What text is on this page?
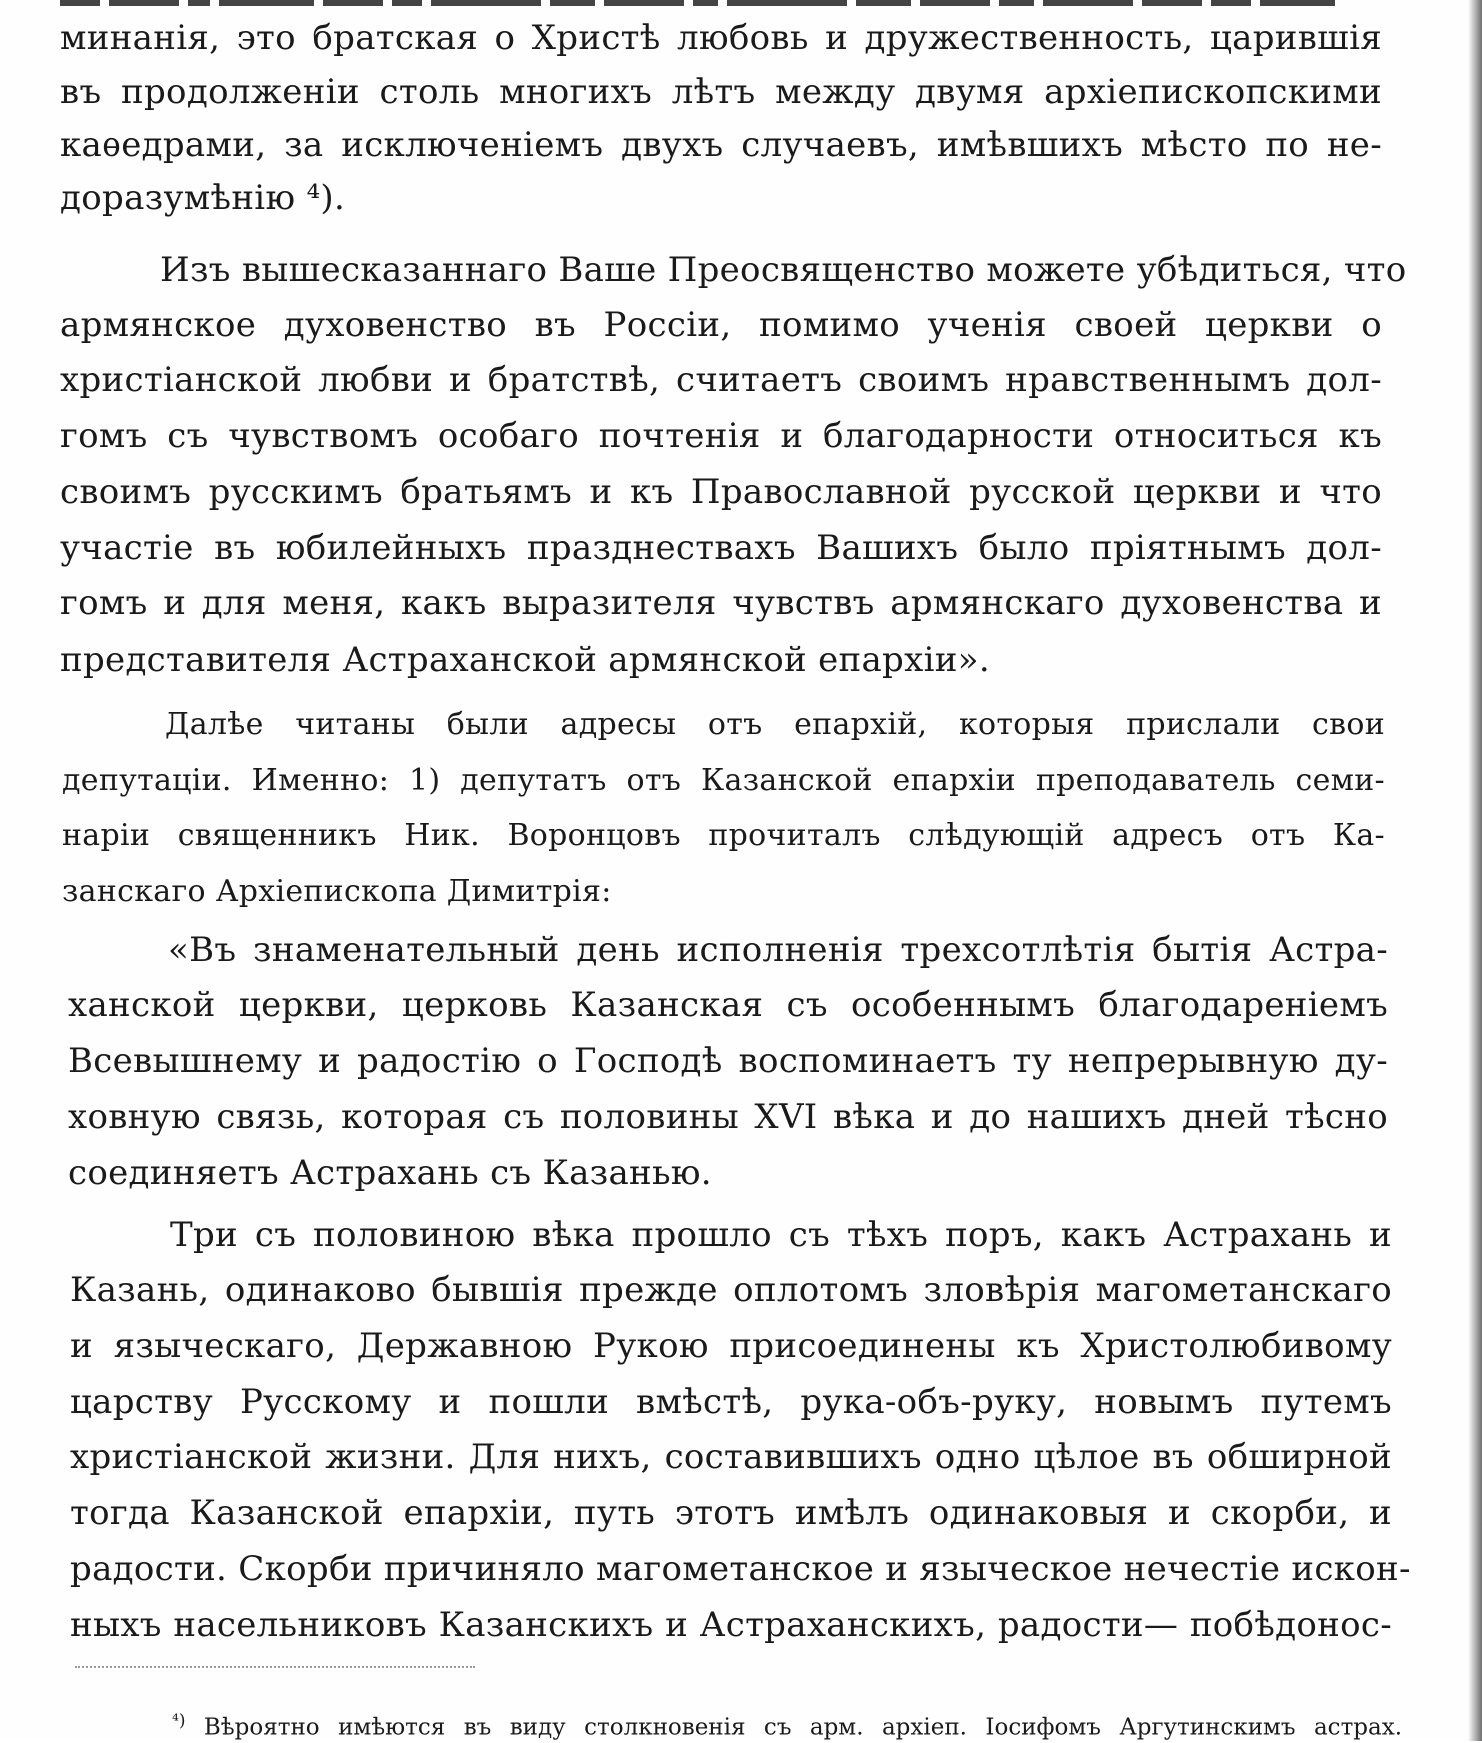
минанія, это братская о Христѣ любовь и дружественность, царившія
въ продолженіи столь многихъ лѣтъ между двумя архіепископскими
каѳедрами, за исключеніемъ двухъ случаевъ, имѣвшихъ мѣсто по не-
доразумѣнію ⁴).
Изъ вышесказаннаго Ваше Преосвященство можете убѣдиться, что
армянское духовенство въ Россіи, помимо ученія своей церкви о
христіанской любви и братствѣ, считаетъ своимъ нравственнымъ дол-
гомъ съ чувствомъ особаго почтенія и благодарности относиться къ
своимъ русскимъ братьямъ и къ Православной русской церкви и что
участіе въ юбилейныхъ празднествахъ Вашихъ было пріятнымъ дол-
гомъ и для меня, какъ выразителя чувствъ армянскаго духовенства и
представителя Астраханской армянской епархіи».
Далѣе читаны были адресы отъ епархій, которыя прислали свои
депутаціи. Именно: 1) депутатъ отъ Казанской епархіи преподаватель семи-
наріи священникъ Ник. Воронцовъ прочиталъ слѣдующій адресъ отъ Ка-
занскаго Архіепископа Димитрія:
«Въ знаменательный день исполненія трехсотлѣтія бытія Астра-
ханской церкви, церковь Казанская съ особеннымъ благодареніемъ
Всевышнему и радостію о Господѣ воспоминаетъ ту непрерывную ду-
ховную связь, которая съ половины XVI вѣка и до нашихъ дней тѣсно
соединяетъ Астрахань съ Казанью.
Три съ половиною вѣка прошло съ тѣхъ поръ, какъ Астрахань и
Казань, одинаково бывшія прежде оплотомъ зловѣрія магометанскаго
и языческаго, Державною Рукою присоединены къ Христолюбивому
царству Русскому и пошли вмѣстѣ, рука-объ-руку, новымъ путемъ
христіанской жизни. Для нихъ, составившихъ одно цѣлое въ обширной
тогда Казанской епархіи, путь этотъ имѣлъ одинаковыя и скорби, и
радости. Скорби причиняло магометанское и языческое нечестіе искон-
ныхъ насельниковъ Казанскихъ и Астраханскихъ, радости— побѣдонос-
$^{^4)}$ Вѣроятно имѣются въ виду столкновенія съ арм. архіеп. Іосифомъ Аргутинскимъ астрах.
